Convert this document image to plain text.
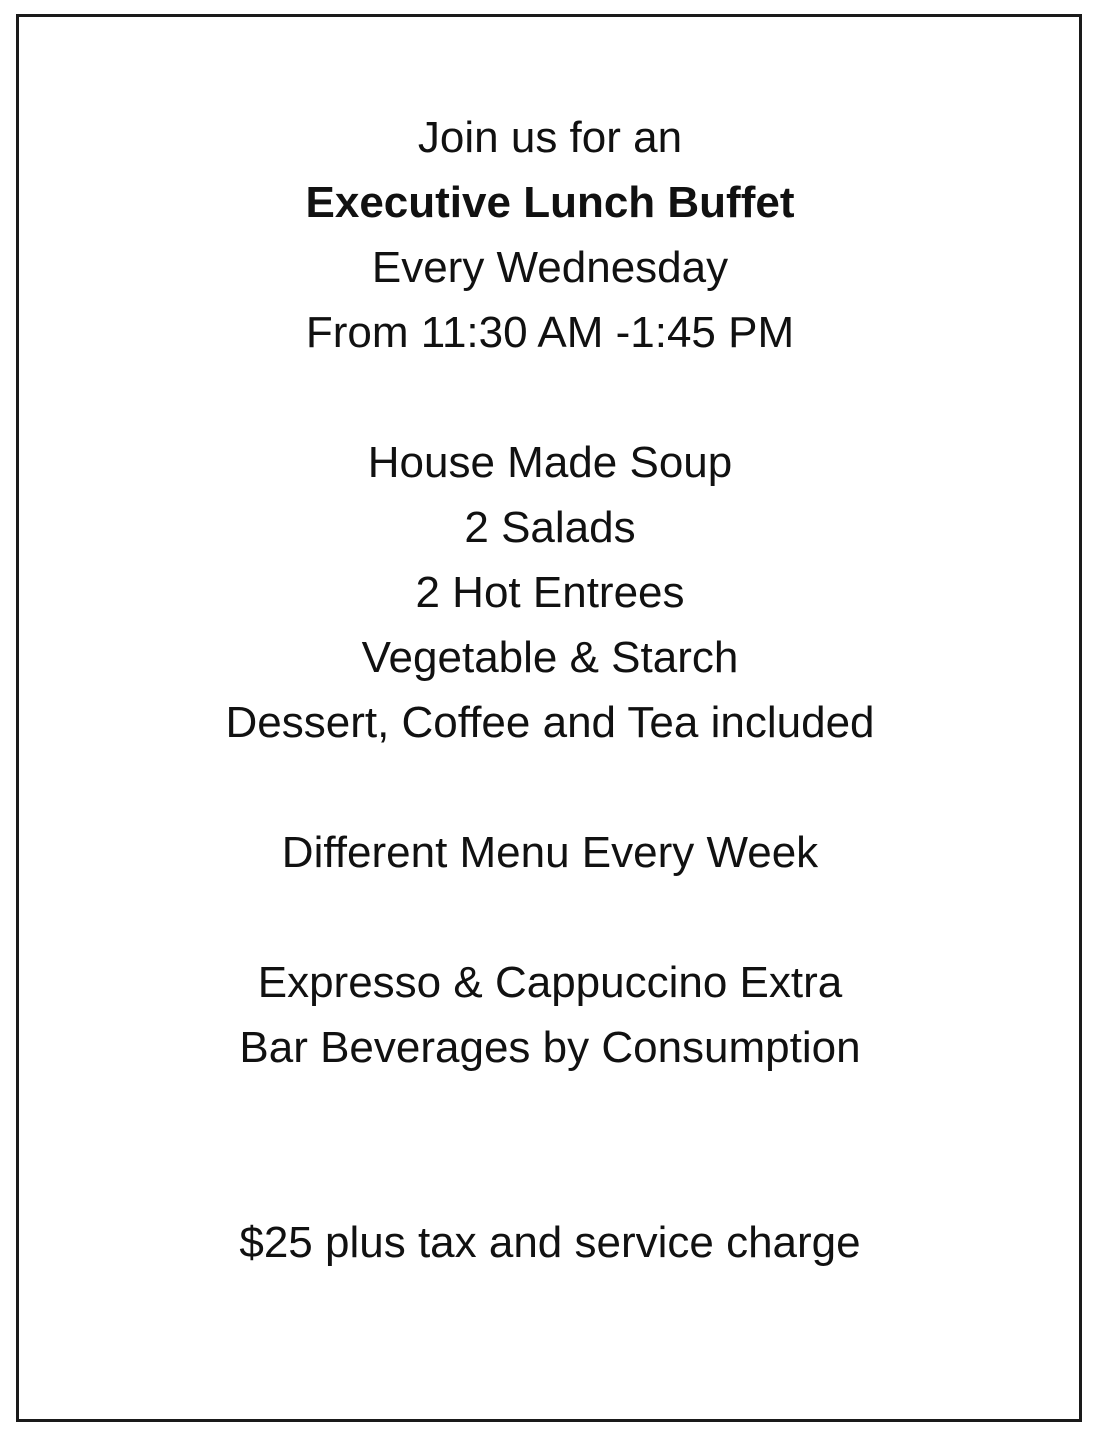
Join us for an
Executive Lunch Buffet
Every Wednesday
From 11:30 AM -1:45 PM
House Made Soup
2 Salads
2 Hot Entrees
Vegetable & Starch
Dessert, Coffee and Tea included
Different Menu Every Week
Expresso & Cappuccino Extra
Bar Beverages by Consumption
$25 plus tax and service charge
